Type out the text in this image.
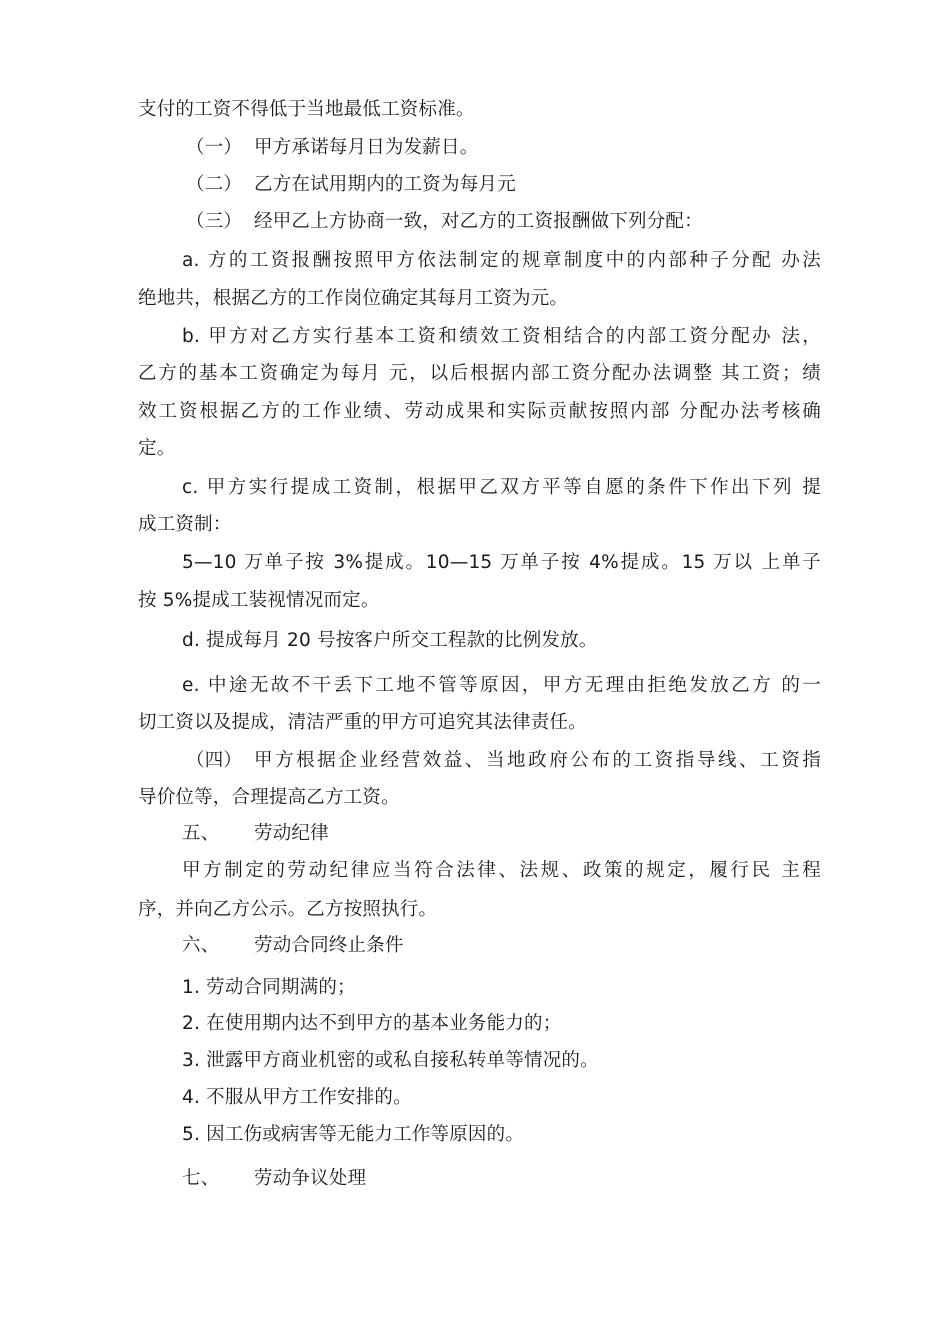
支付的工资不得低于当地最低工资标准。
（一） 甲方承诺每月日为发薪日。
（二） 乙方在试用期内的工资为每月元
（三） 经甲乙上方协商一致，对乙方的工资报酬做下列分配：
a. 方的工资报酬按照甲方依法制定的规章制度中的内部种子分配 办法
绝地共，根据乙方的工作岗位确定其每月工资为元。
b. 甲方对乙方实行基本工资和绩效工资相结合的内部工资分配办 法，
乙方的基本工资确定为每月 元，以后根据内部工资分配办法调整 其工资；绩
效工资根据乙方的工作业绩、劳动成果和实际贡献按照内部 分配办法考核确
定。
c. 甲方实行提成工资制，根据甲乙双方平等自愿的条件下作出下列 提
成工资制：
5—10 万单子按 3%提成。10—15 万单子按 4%提成。15 万以 上单子
按 5%提成工装视情况而定。
d. 提成每月 20 号按客户所交工程款的比例发放。
e. 中途无故不干丢下工地不管等原因，甲方无理由拒绝发放乙方 的一
切工资以及提成，清洁严重的甲方可追究其法律责任。
（四） 甲方根据企业经营效益、当地政府公布的工资指导线、工资指
导价位等，合理提高乙方工资。
五、 劳动纪律
甲方制定的劳动纪律应当符合法律、法规、政策的规定，履行民 主程
序，并向乙方公示。乙方按照执行。
六、 劳动合同终止条件
1. 劳动合同期满的；
2. 在使用期内达不到甲方的基本业务能力的；
3. 泄露甲方商业机密的或私自接私转单等情况的。
4. 不服从甲方工作安排的。
5. 因工伤或病害等无能力工作等原因的。
七、 劳动争议处理
